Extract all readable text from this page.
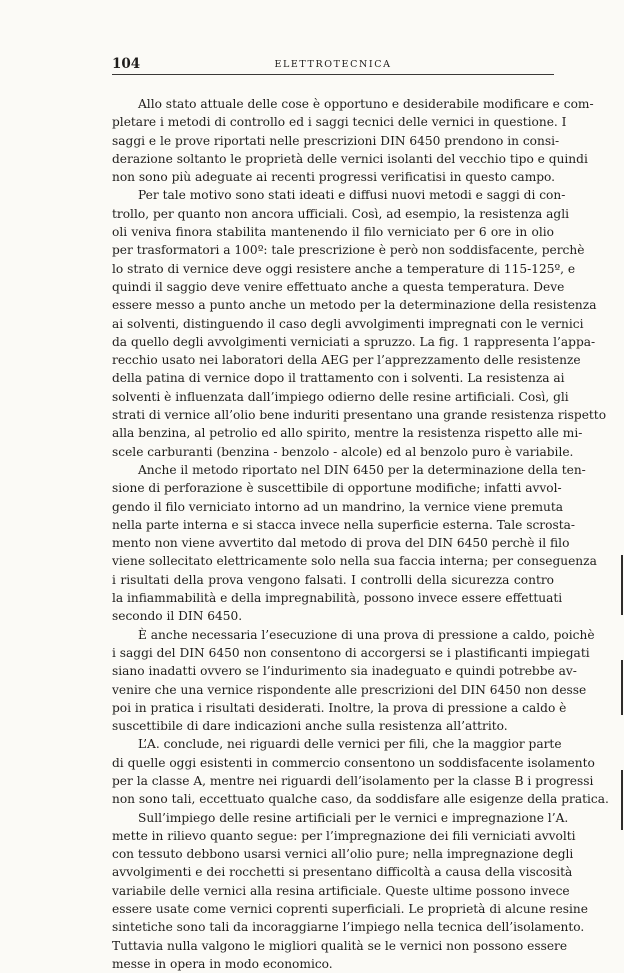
104	ELETTROTECNICA
Allo stato attuale delle cose è opportuno e desiderabile modificare e com-
pletare i metodi di controllo ed i saggi tecnici delle vernici in questione. I
saggi e le prove riportati nelle prescrizioni DIN 6450 prendono in consi-
derazione soltanto le proprietà delle vernici isolanti del vecchio tipo e quindi
non sono più adeguate ai recenti progressi verificatisi in questo campo.
Per tale motivo sono stati ideati e diffusi nuovi metodi e saggi di con-
trollo, per quanto non ancora ufficiali. Così, ad esempio, la resistenza agli
oli veniva finora stabilita mantenendo il filo verniciato per 6 ore in olio
per trasformatori a 100º: tale prescrizione è però non soddisfacente, perchè
lo strato di vernice deve oggi resistere anche a temperature di 115-125º, e
quindi il saggio deve venire effettuato anche a questa temperatura. Deve
essere messo a punto anche un metodo per la determinazione della resistenza
ai solventi, distinguendo il caso degli avvolgimenti impregnati con le vernici
da quello degli avvolgimenti verniciati a spruzzo. La fig. 1 rappresenta l’appa-
recchio usato nei laboratori della AEG per l’apprezzamento delle resistenze
della patina di vernice dopo il trattamento con i solventi. La resistenza ai
solventi è influenzata dall’impiego odierno delle resine artificiali. Così, gli
strati di vernice all’olio bene induriti presentano una grande resistenza rispetto
alla benzina, al petrolio ed allo spirito, mentre la resistenza rispetto alle mi-
scele carburanti (benzina - benzolo - alcole) ed al benzolo puro è variabile.
Anche il metodo riportato nel DIN 6450 per la determinazione della ten-
sione di perforazione è suscettibile di opportune modifiche; infatti avvol-
gendo il filo verniciato intorno ad un mandrino, la vernice viene premuta
nella parte interna e si stacca invece nella superficie esterna. Tale scrosta-
mento non viene avvertito dal metodo di prova del DIN 6450 perchè il filo
viene sollecitato elettricamente solo nella sua faccia interna; per conseguenza
i risultati della prova vengono falsati. I controlli della sicurezza contro
la infiammabilità e della impregnabilità, possono invece essere effettuati
secondo il DIN 6450.
È anche necessaria l’esecuzione di una prova di pressione a caldo, poichè
i saggi del DIN 6450 non consentono di accorgersi se i plastificanti impiegati
siano inadatti ovvero se l’indurimento sia inadeguato e quindi potrebbe av-
venire che una vernice rispondente alle prescrizioni del DIN 6450 non desse
poi in pratica i risultati desiderati. Inoltre, la prova di pressione a caldo è
suscettibile di dare indicazioni anche sulla resistenza all’attrito.
L’A. conclude, nei riguardi delle vernici per fili, che la maggior parte
di quelle oggi esistenti in commercio consentono un soddisfacente isolamento
per la classe A, mentre nei riguardi dell’isolamento per la classe B i progressi
non sono tali, eccettuato qualche caso, da soddisfare alle esigenze della pratica.
Sull’impiego delle resine artificiali per le vernici e impregnazione l’A.
mette in rilievo quanto segue: per l’impregnazione dei fili verniciati avvolti
con tessuto debbono usarsi vernici all’olio pure; nella impregnazione degli
avvolgimenti e dei rocchetti si presentano difficoltà a causa della viscosità
variabile delle vernici alla resina artificiale. Queste ultime possono invece
essere usate come vernici coprenti superficiali. Le proprietà di alcune resine
sintetiche sono tali da incoraggiarne l’impiego nella tecnica dell’isolamento.
Tuttavia nulla valgono le migliori qualità se le vernici non possono essere
messe in opera in modo economico.
